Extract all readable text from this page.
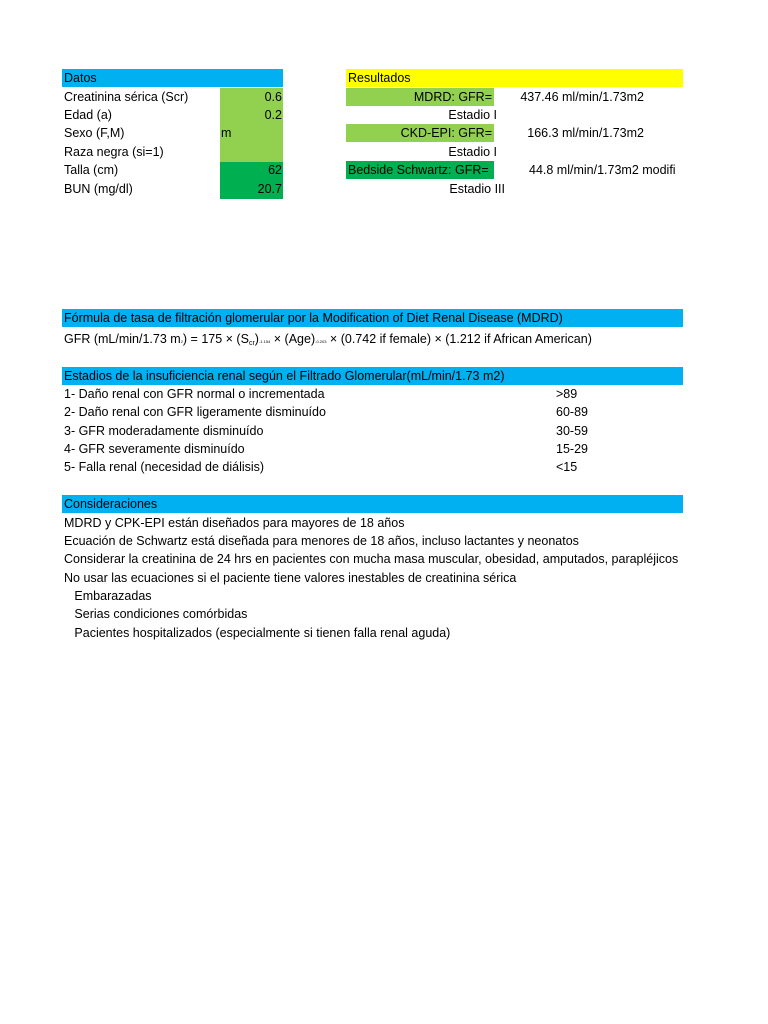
Datos
Creatinina sérica (Scr)	0.6
Edad (a)	0.2
Sexo (F,M)	m
Raza negra (si=1)
Talla (cm)	62
BUN (mg/dl)	20.7
Resultados
MDRD: GFR=	437.46 ml/min/1.73m2
Estadio I
CKD-EPI: GFR=	166.3 ml/min/1.73m2
Estadio I
Bedside Schwartz: GFR=	44.8 ml/min/1.73m2 modifi
Estadio III
Fórmula de tasa de filtración glomerular por la Modification of Diet Renal Disease (MDRD)
GFR (mL/min/1.73 $m2) = 175 \times (S_{cr})-1.154 \times (Age)-0.203 \times (0.742$ if female) × (1.212 if African American)
Estadios de la insuficiencia renal según el Filtrado Glomerular(mL/min/1.73 m2)
1- Daño renal con GFR normal o incrementada	>89
2- Daño renal con GFR ligeramente disminuído	60-89
3- GFR moderadamente disminuído	30-59
4- GFR severamente disminuído	15-29
5- Falla renal (necesidad de diálisis)	<15
Consideraciones
MDRD y CPK-EPI están diseñados para mayores de 18 años
Ecuación de Schwartz está diseñada para menores de 18 años, incluso lactantes y neonatos
Considerar la creatinina de 24 hrs en pacientes con mucha masa muscular, obesidad, amputados, parapléjicos
No usar las ecuaciones si el paciente tiene valores inestables de creatinina sérica
Embarazadas
Serias condiciones comórbidas
Pacientes hospitalizados (especialmente si tienen falla renal aguda)
